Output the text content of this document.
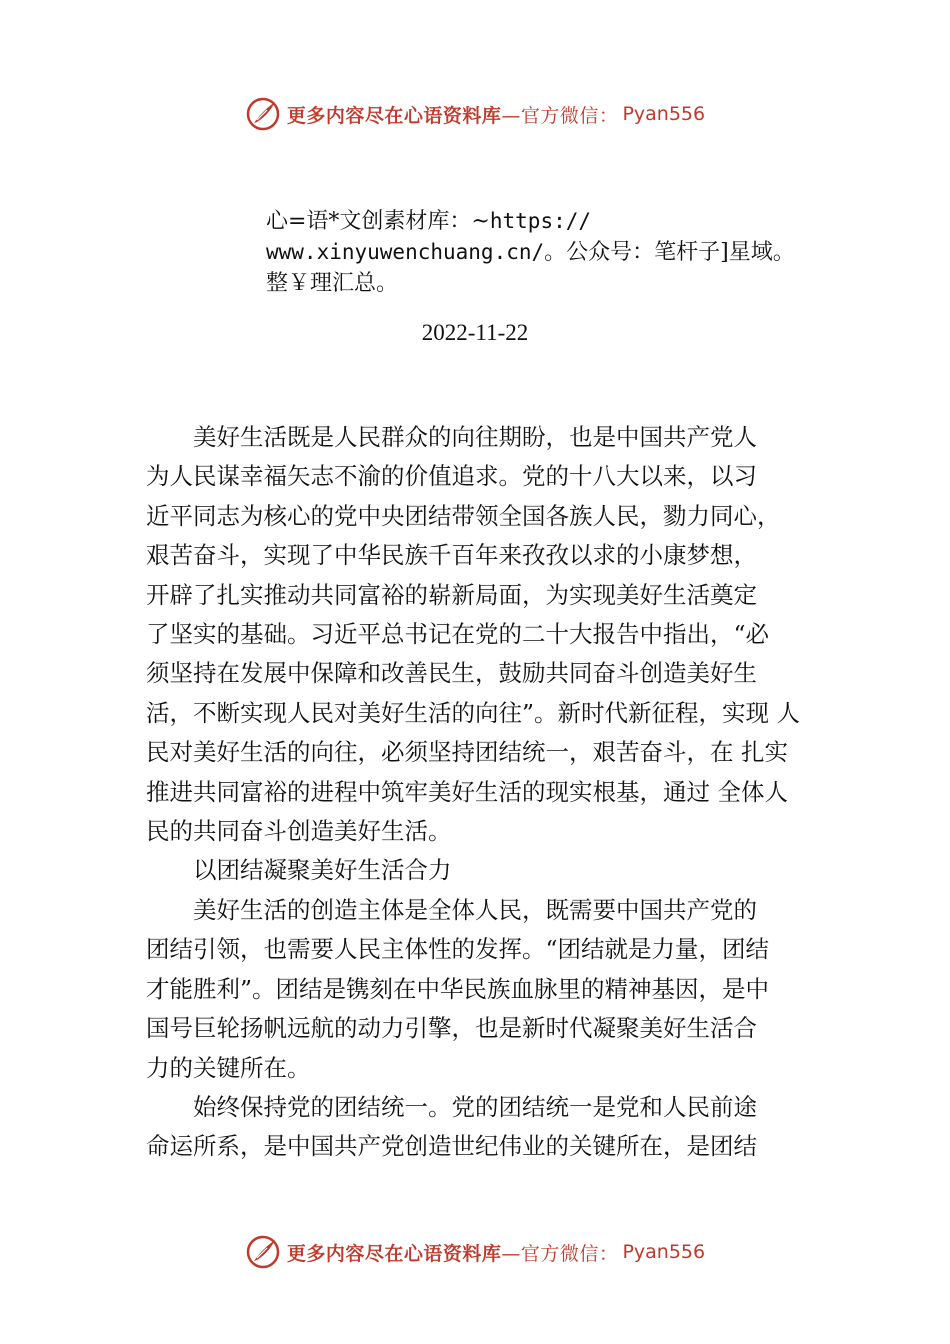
更多内容尽在心语资料库 —官方微信： Pyan556
心=语*文创素材库：~https://
www.xinyuwenchuang.cn/。公众号：笔杆子]星域。
整￥理汇总。
2022-11-22
美好生活既是人民群众的向往期盼，也是中国共产党人
为人民谋幸福矢志不渝的价值追求。党的十八大以来，以习
近平同志为核心的党中央团结带领全国各族人民，勠力同心，
艰苦奋斗，实现了中华民族千百年来孜孜以求的小康梦想，
开辟了扎实推动共同富裕的崭新局面，为实现美好生活奠定
了坚实的基础。习近平总书记在党的二十大报告中指出，“必
须坚持在发展中保障和改善民生，鼓励共同奋斗创造美好生
活，不断实现人民对美好生活的向往”。新时代新征程，实现 人
民对美好生活的向往，必须坚持团结统一，艰苦奋斗，在 扎实
推进共同富裕的进程中筑牢美好生活的现实根基，通过 全体人
民的共同奋斗创造美好生活。
以团结凝聚美好生活合力
美好生活的创造主体是全体人民，既需要中国共产党的
团结引领，也需要人民主体性的发挥。“团结就是力量，团结
才能胜利”。团结是镌刻在中华民族血脉里的精神基因，是中
国号巨轮扬帆远航的动力引擎，也是新时代凝聚美好生活合
力的关键所在。
始终保持党的团结统一。党的团结统一是党和人民前途
命运所系，是中国共产党创造世纪伟业的关键所在，是团结
更多内容尽在心语资料库 —官方微信： Pyan556
